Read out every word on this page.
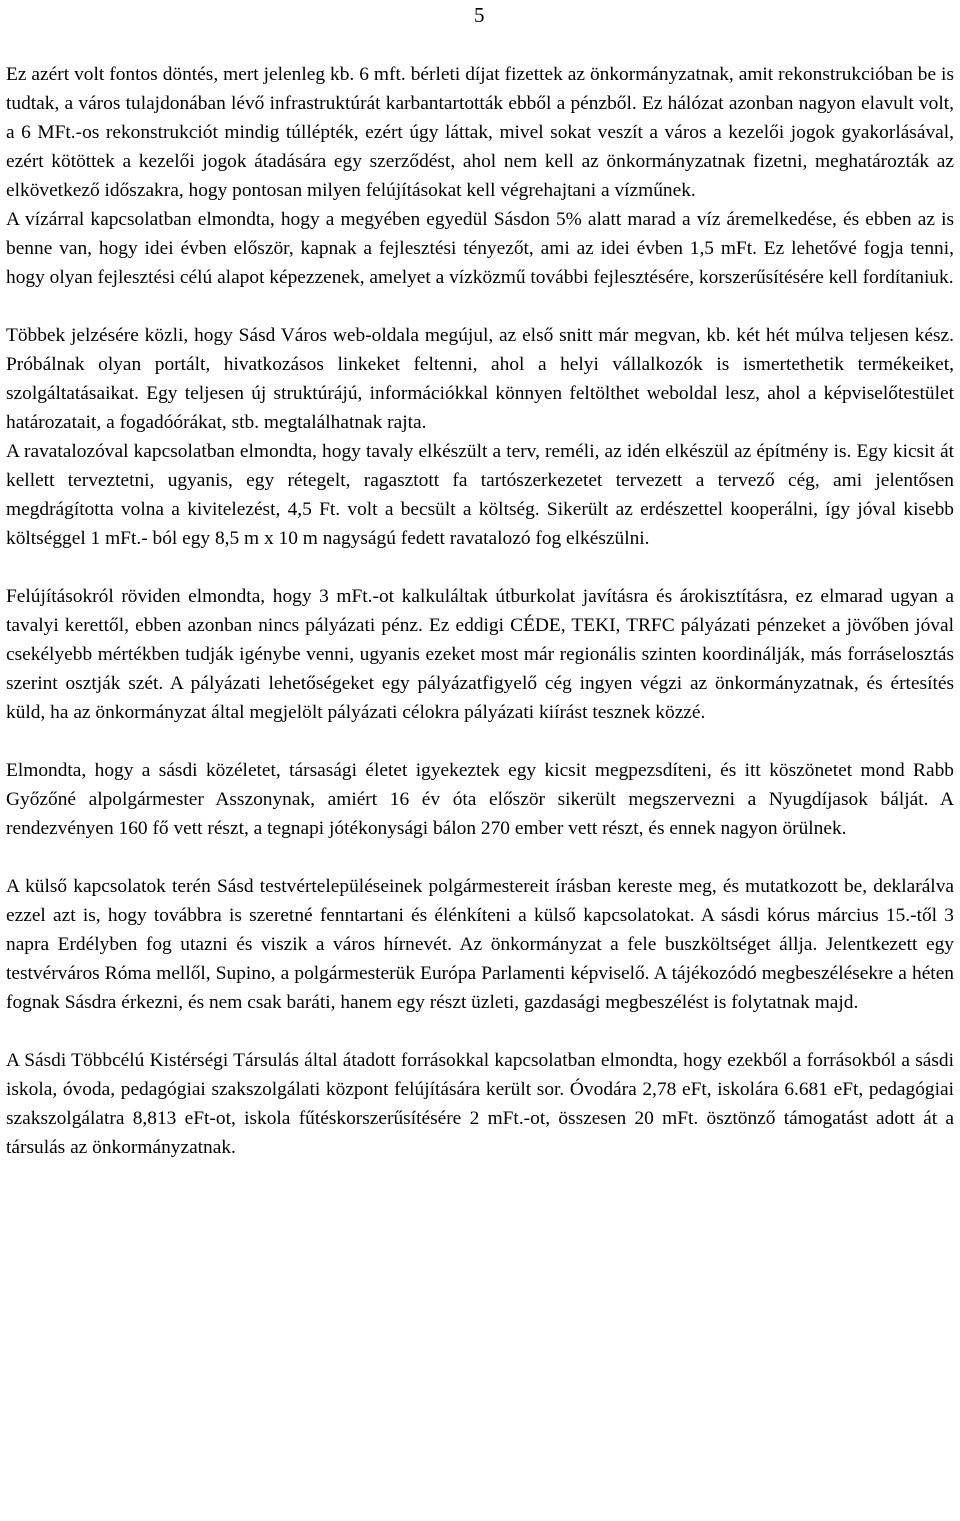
5

Ez azért volt fontos döntés, mert jelenleg kb. 6 mft. bérleti díjat fizettek az önkormányzatnak, amit rekonstrukcióban be is tudtak, a város tulajdonában lévő infrastruktúrát karbantartották ebből a pénzből. Ez hálózat azonban nagyon elavult volt, a 6 MFt.-os rekonstrukciót mindig túllépték, ezért úgy láttak, mivel sokat veszít a város a kezelői jogok gyakorlásával, ezért kötöttek a kezelői jogok átadására egy szerződést, ahol nem kell az önkormányzatnak fizetni, meghatározták az elkövetkező időszakra, hogy pontosan milyen felújításokat kell végrehajtani a vízműnek.

A vízárral kapcsolatban elmondta, hogy a megyében egyedül Sásdon 5% alatt marad a víz áremelkedése, és ebben az is benne van, hogy idei évben először, kapnak a fejlesztési tényezőt, ami az idei évben 1,5 mFt. Ez lehetővé fogja tenni, hogy olyan fejlesztési célú alapot képezzenek, amelyet a vízközmű további fejlesztésére, korszerűsítésére kell fordítaniuk.

Többek jelzésére közli, hogy Sásd Város web-oldala megújul, az első snitt már megvan, kb. két hét múlva teljesen kész. Próbálnak olyan portált, hivatkozásos linkeket feltenni, ahol a helyi vállalkozók is ismertethetik termékeiket, szolgáltatásaikat. Egy teljesen új struktúrájú, információkkal könnyen feltölthet weboldal lesz, ahol a képviselőtestület határozatait, a fogadóórákat, stb. megtalálhatnak rajta.

A ravatalozóval kapcsolatban elmondta, hogy tavaly elkészült a terv, reméli, az idén elkészül az építmény is. Egy kicsit át kellett terveztetni, ugyanis, egy rétegelt, ragasztott fa tartószerkezetet tervezett a tervező cég, ami jelentősen megdrágította volna a kivitelezést, 4,5 Ft. volt a becsült a költség. Sikerült az erdészettel kooperálni, így jóval kisebb költséggel 1 mFt.- ból egy 8,5 m x 10 m nagyságú fedett ravatalozó fog elkészülni.

Felújításokról röviden elmondta, hogy 3 mFt.-ot kalkuláltak útburkolat javításra és árokisztításra, ez elmarad ugyan a tavalyi kerettől, ebben azonban nincs pályázati pénz. Ez eddigi CÉDE, TEKI, TRFC pályázati pénzeket a jövőben jóval csekélyebb mértékben tudják igénybe venni, ugyanis ezeket most már regionális szinten koordinálják, más forráselosztás szerint osztják szét. A pályázati lehetőségeket egy pályázatfigyelő cég ingyen végzi az önkormányzatnak, és értesítés küld, ha az önkormányzat által megjelölt pályázati célokra pályázati kiírást tesznek közzé.

Elmondta, hogy a sásdi közéletet, társasági életet igyekeztek egy kicsit megpezsdíteni, és itt köszönetet mond Rabb Győzőné alpolgármester Asszonynak, amiért 16 év óta először sikerült megszervezni a Nyugdíjasok bálját. A rendezvényen 160 fő vett részt, a tegnapi jótékonysági bálon 270 ember vett részt, és ennek nagyon örülnek.

A külső kapcsolatok terén Sásd testvértelepüléseinek polgármestereit írásban kereste meg, és mutatkozott be, deklarálva ezzel azt is, hogy továbbra is szeretné fenntartani és élénkíteni a külső kapcsolatokat. A sásdi kórus március 15.-től 3 napra Erdélyben fog utazni és viszik a város hírnevét. Az önkormányzat a fele buszköltséget állja. Jelentkezett egy testvérváros Róma mellől, Supino, a polgármesterük Európa Parlamenti képviselő. A tájékozódó megbeszélésekre a héten fognak Sásdra érkezni, és nem csak baráti, hanem egy részt üzleti, gazdasági megbeszélést is folytatnak majd.

A Sásdi Többcélú Kistérségi Társulás által átadott forrásokkal kapcsolatban elmondta, hogy ezekből a forrásokból a sásdi iskola, óvoda, pedagógiai szakszolgálati központ felújítására került sor. Óvodára 2,78 eFt, iskolára 6.681 eFt, pedagógiai szakszolgálatra 8,813 eFt-ot, iskola fűtéskorszerűsítésére 2 mFt.-ot, összesen 20 mFt. ösztönző támogatást adott át a társulás az önkormányzatnak.
